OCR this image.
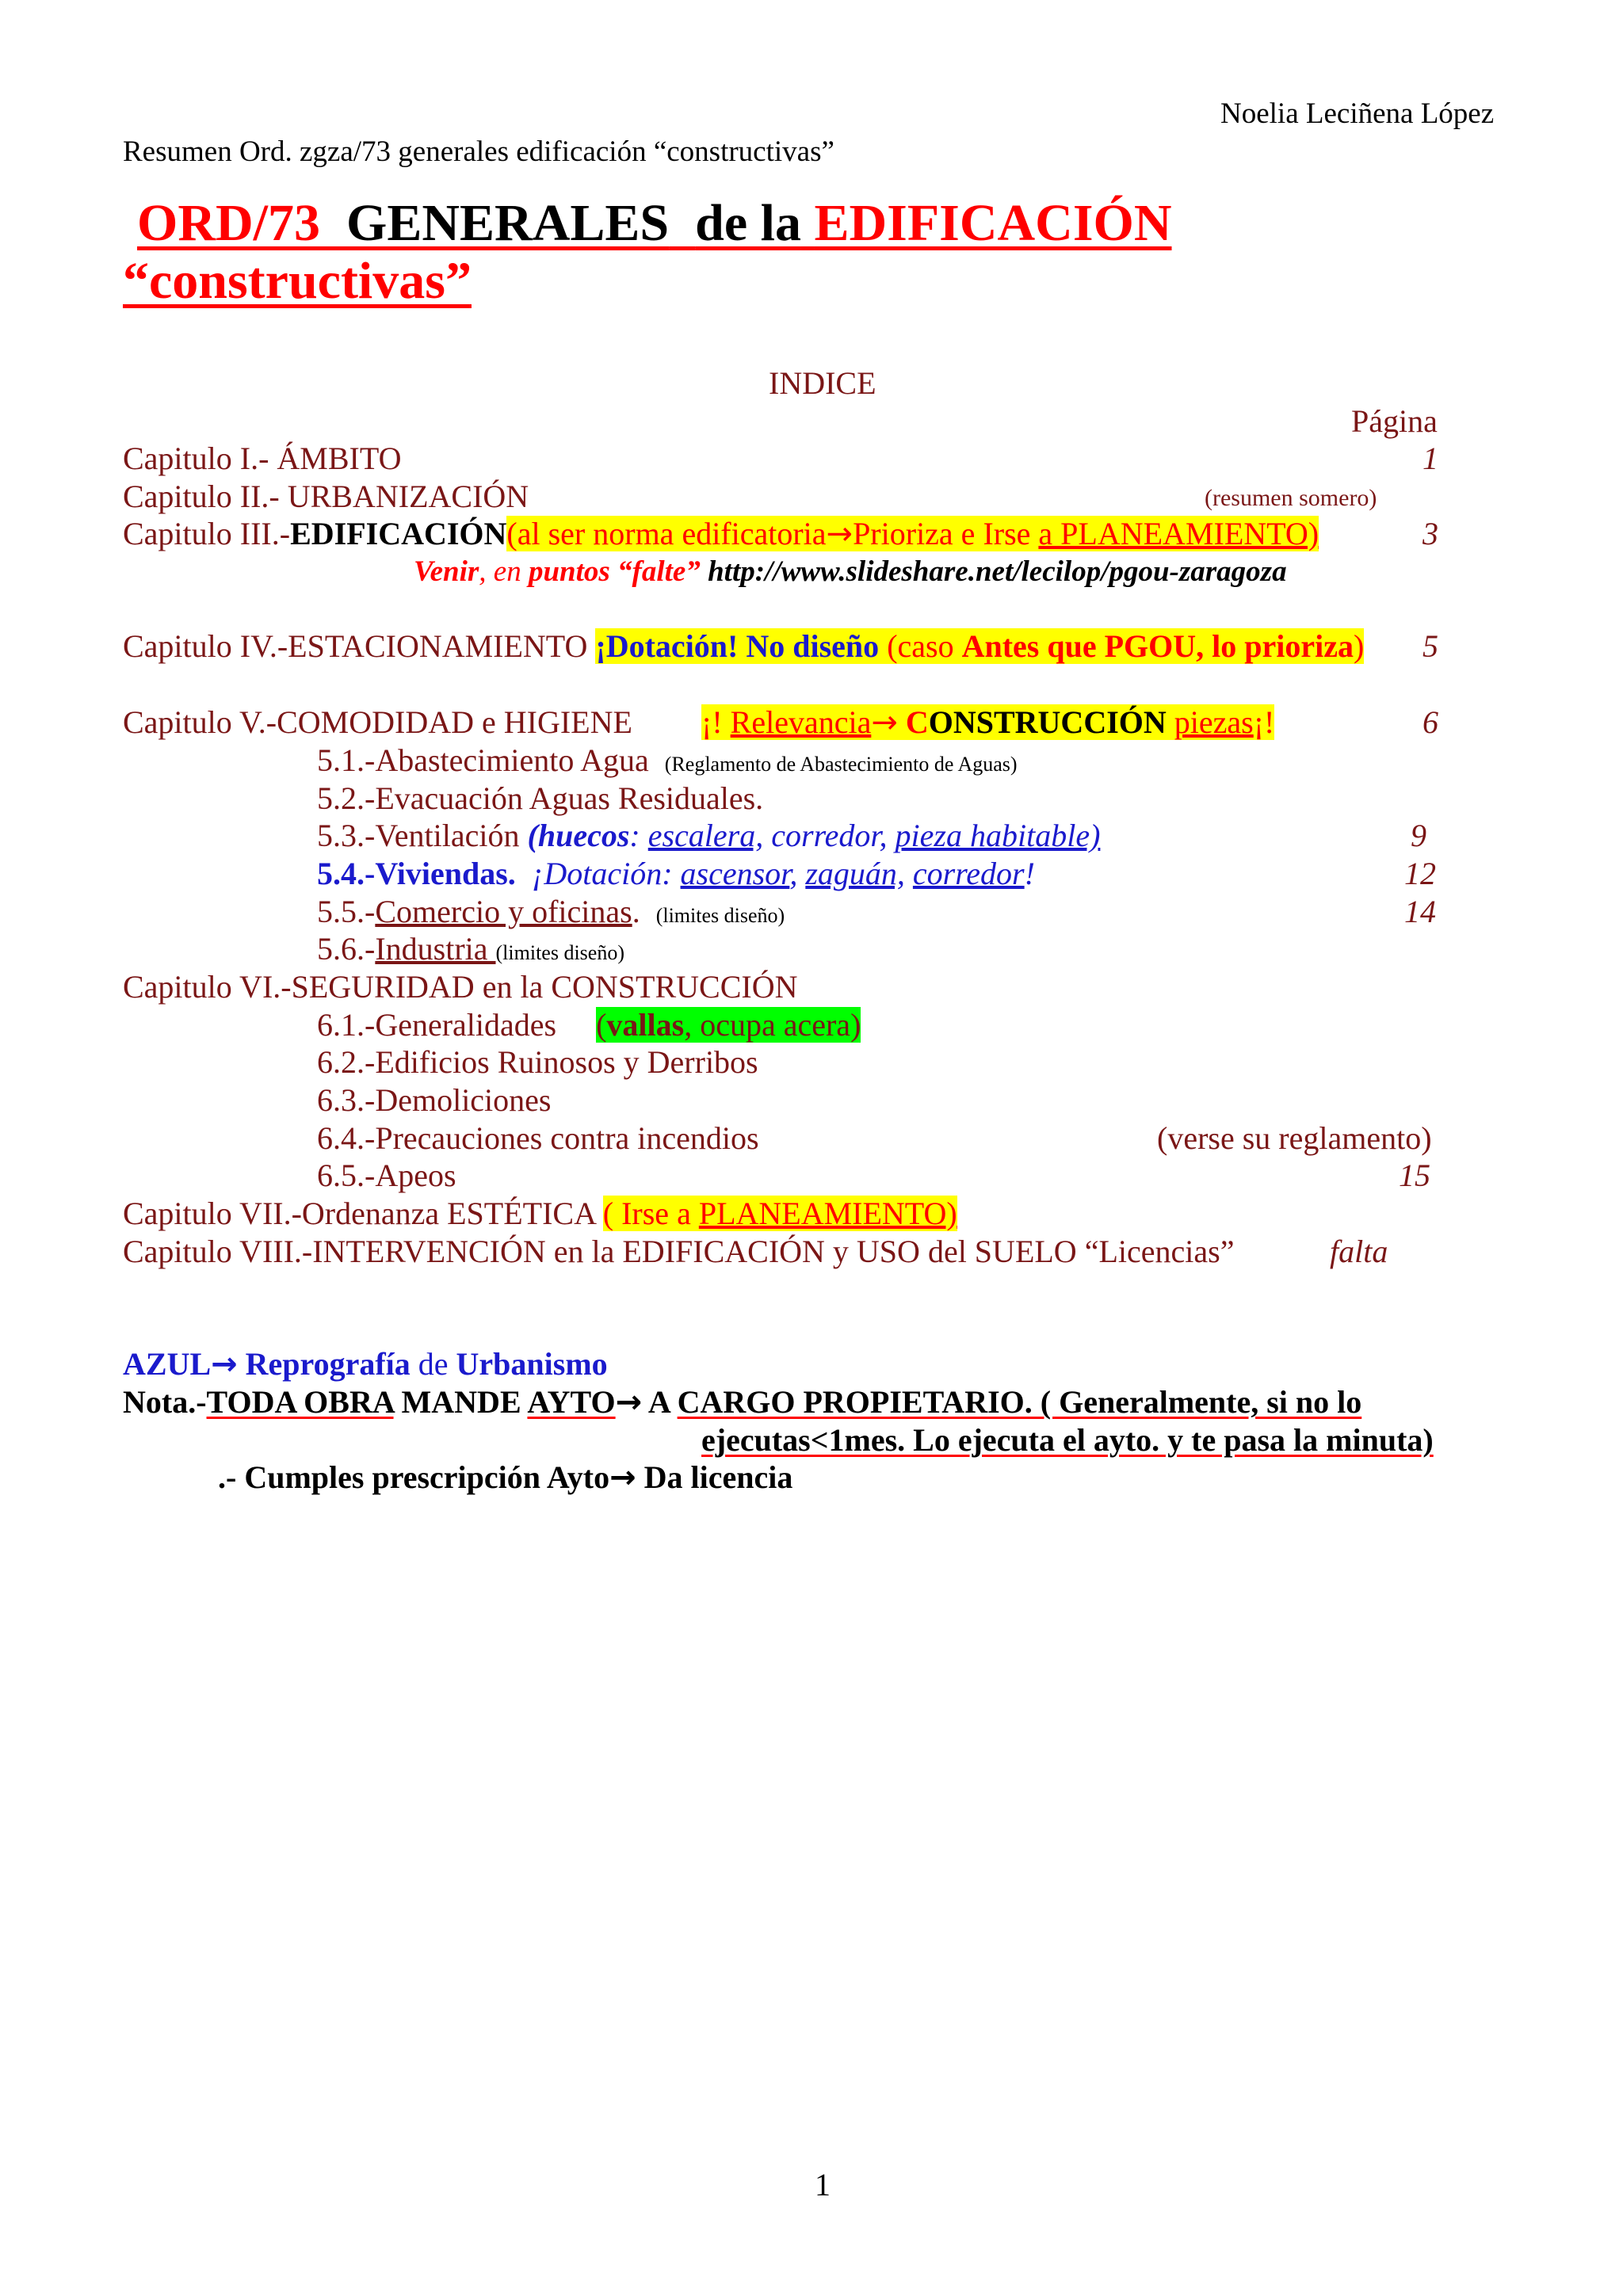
Noelia Leciñena López
Resumen Ord. zgza/73 generales edificación “constructivas”
ORD/73 GENERALES de la EDIFICACIÓN
“constructivas”
INDICE
Página
Capitulo I.- ÁMBITO	1
Capitulo II.- URBANIZACIÓN	(resumen somero)
Capitulo III.-EDIFICACIÓN(al ser norma edificatoria→Prioriza e Irse a PLANEAMIENTO)	3
Venir, en puntos “falte” http://www.slideshare.net/lecilop/pgou-zaragoza
Capitulo IV.-ESTACIONAMIENTO ¡Dotación! No diseño (caso Antes que PGOU, lo prioriza) 5
Capitulo V.-COMODIDAD e HIGIENE ¡! Relevancia→ CONSTRUCCIÓN piezas¡!	6
5.1.-Abastecimiento Agua (Reglamento de Abastecimiento de Aguas)
5.2.-Evacuación Aguas Residuales.
5.3.-Ventilación (huecos: escalera, corredor, pieza habitable)	9
5.4.-Viviendas. ¡Dotación: ascensor, zaguán, corredor!	12
5.5.-Comercio y oficinas. (limites diseño)	14
5.6.-Industria (limites diseño)
Capitulo VI.-SEGURIDAD en la CONSTRUCCIÓN
6.1.-Generalidades (vallas, ocupa acera)
6.2.-Edificios Ruinosos y Derribos
6.3.-Demoliciones
6.4.-Precauciones contra incendios	(verse su reglamento)
6.5.-Apeos	15
Capitulo VII.-Ordenanza ESTÉTICA ( Irse a PLANEAMIENTO)
Capitulo VIII.-INTERVENCIÓN en la EDIFICACIÓN y USO del SUELO “Licencias”	falta
AZUL→ Reprografía de Urbanismo
Nota.-TODA OBRA MANDE AYTO→ A CARGO PROPIETARIO. ( Generalmente, si no lo
ejecutas<1mes. Lo ejecuta el ayto. y te pasa la minuta)
.- Cumples prescripción Ayto→ Da licencia
1
